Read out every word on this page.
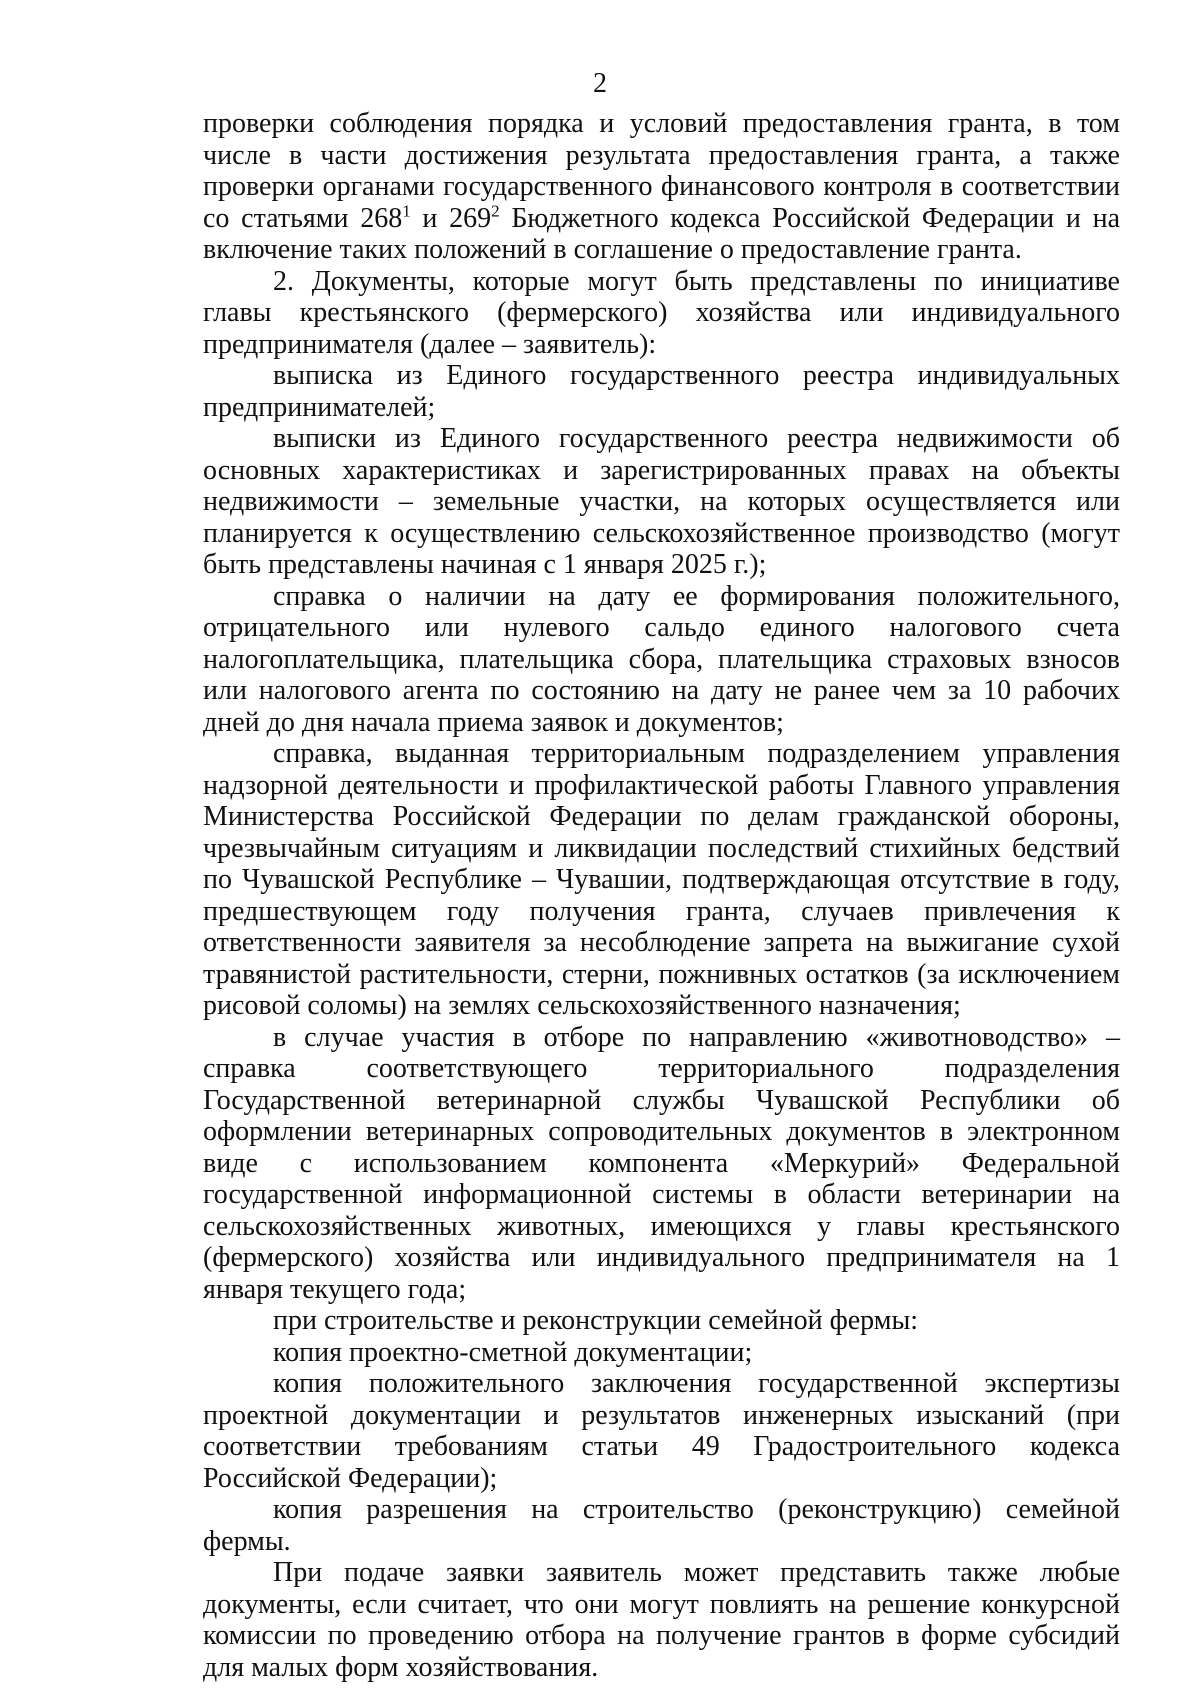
2

проверки соблюдения порядка и условий предоставления гранта, в том числе в части достижения результата предоставления гранта, а также проверки органами государственного финансового контроля в соответствии со статьями $268^1$ и $269^2$ Бюджетного кодекса Российской Федерации и на включение таких положений в соглашение о предоставление гранта.

2. Документы, которые могут быть представлены по инициативе главы крестьянского (фермерского) хозяйства или индивидуального предпринимателя (далее – заявитель):

выписка из Единого государственного реестра индивидуальных предпринимателей;

выписки из Единого государственного реестра недвижимости об основных характеристиках и зарегистрированных правах на объекты недвижимости – земельные участки, на которых осуществляется или планируется к осуществлению сельскохозяйственное производство (могут быть представлены начиная с 1 января 2025 г.);

справка о наличии на дату ее формирования положительного, отрицательного или нулевого сальдо единого налогового счета налогоплательщика, плательщика сбора, плательщика страховых взносов или налогового агента по состоянию на дату не ранее чем за 10 рабочих дней до дня начала приема заявок и документов;

справка, выданная территориальным подразделением управления надзорной деятельности и профилактической работы Главного управления Министерства Российской Федерации по делам гражданской обороны, чрезвычайным ситуациям и ликвидации последствий стихийных бедствий по Чувашской Республике – Чувашии, подтверждающая отсутствие в году, предшествующем году получения гранта, случаев привлечения к ответственности заявителя за несоблюдение запрета на выжигание сухой травянистой растительности, стерни, пожнивных остатков (за исключением рисовой соломы) на землях сельскохозяйственного назначения;

в случае участия в отборе по направлению «животноводство» – справка соответствующего территориального подразделения Государственной ветеринарной службы Чувашской Республики об оформлении ветеринарных сопроводительных документов в электронном виде с использованием компонента «Меркурий» Федеральной государственной информационной системы в области ветеринарии на сельскохозяйственных животных, имеющихся у главы крестьянского (фермерского) хозяйства или индивидуального предпринимателя на 1 января текущего года;

при строительстве и реконструкции семейной фермы:

копия проектно-сметной документации;

копия положительного заключения государственной экспертизы проектной документации и результатов инженерных изысканий (при соответствии требованиям статьи 49 Градостроительного кодекса Российской Федерации);

копия разрешения на строительство (реконструкцию) семейной фермы.

При подаче заявки заявитель может представить также любые документы, если считает, что они могут повлиять на решение конкурсной комиссии по проведению отбора на получение грантов в форме субсидий для малых форм хозяйствования.
